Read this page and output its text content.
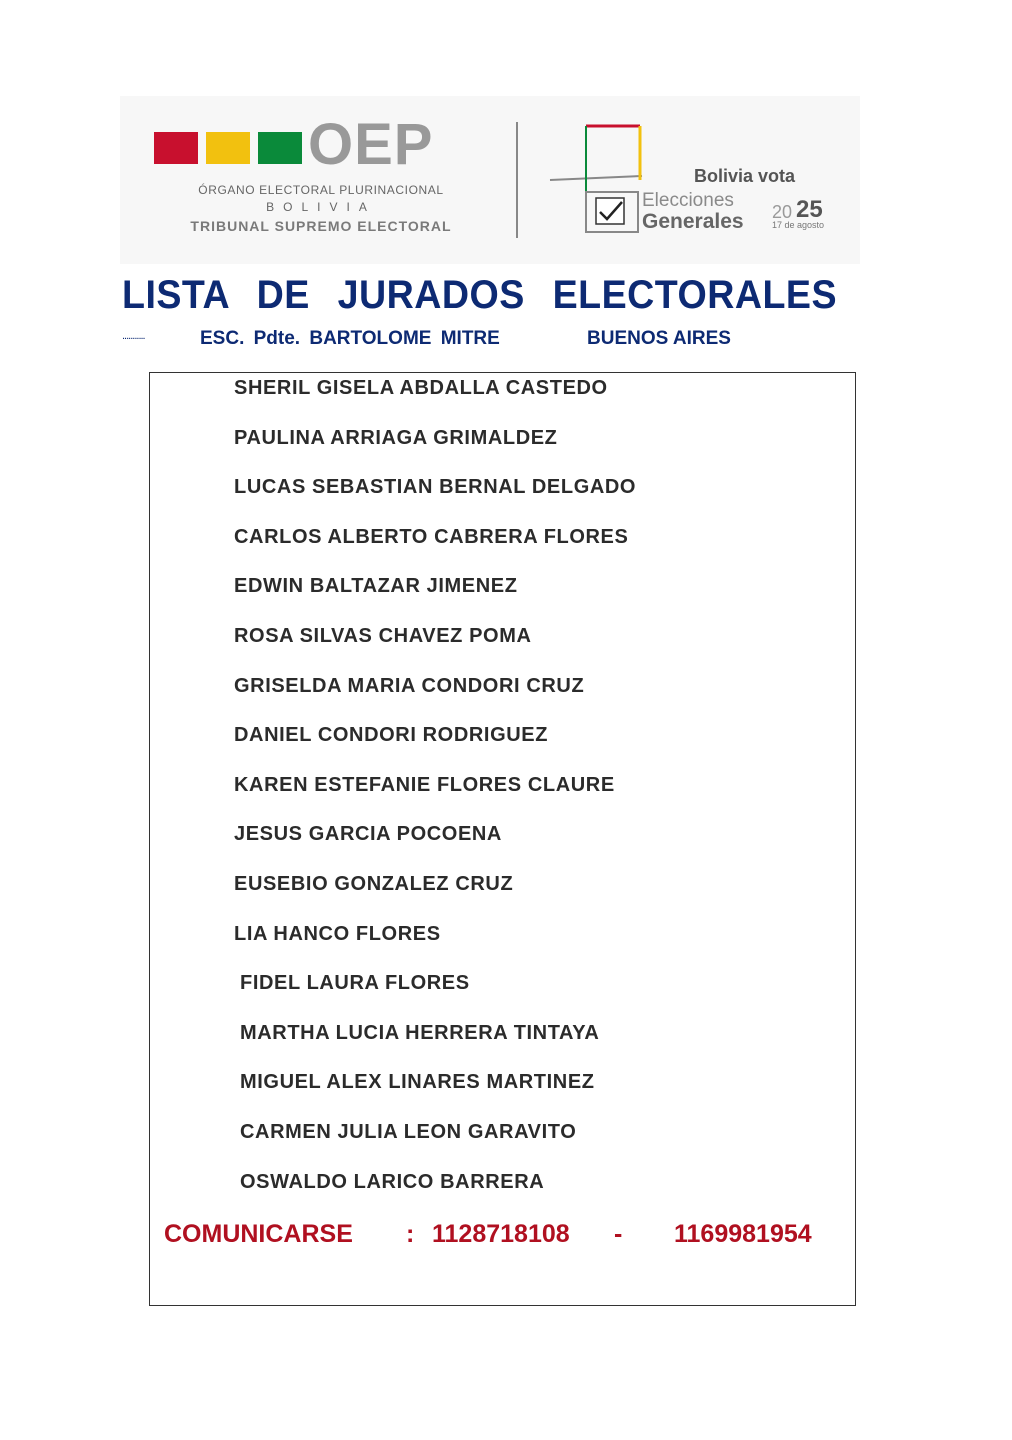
OEP
ÓRGANO ELECTORAL PLURINACIONAL
BOLIVIA
TRIBUNAL SUPREMO ELECTORAL
Bolivia vota
Elecciones
Generales 20 25
17 de agosto
LISTA DE JURADOS ELECTORALES
...........	ESC. Pdte. BARTOLOME MITRE	BUENOS AIRES
SHERIL GISELA ABDALLA CASTEDO
PAULINA ARRIAGA GRIMALDEZ
LUCAS SEBASTIAN BERNAL DELGADO
CARLOS ALBERTO CABRERA FLORES
EDWIN BALTAZAR JIMENEZ
ROSA SILVAS CHAVEZ POMA
GRISELDA MARIA CONDORI CRUZ
DANIEL CONDORI RODRIGUEZ
KAREN ESTEFANIE FLORES CLAURE
JESUS GARCIA POCOENA
EUSEBIO GONZALEZ CRUZ
LIA HANCO FLORES
FIDEL LAURA FLORES
MARTHA LUCIA HERRERA TINTAYA
MIGUEL ALEX LINARES MARTINEZ
CARMEN JULIA LEON GARAVITO
OSWALDO LARICO BARRERA
COMUNICARSE : 1128718108 - 1169981954
